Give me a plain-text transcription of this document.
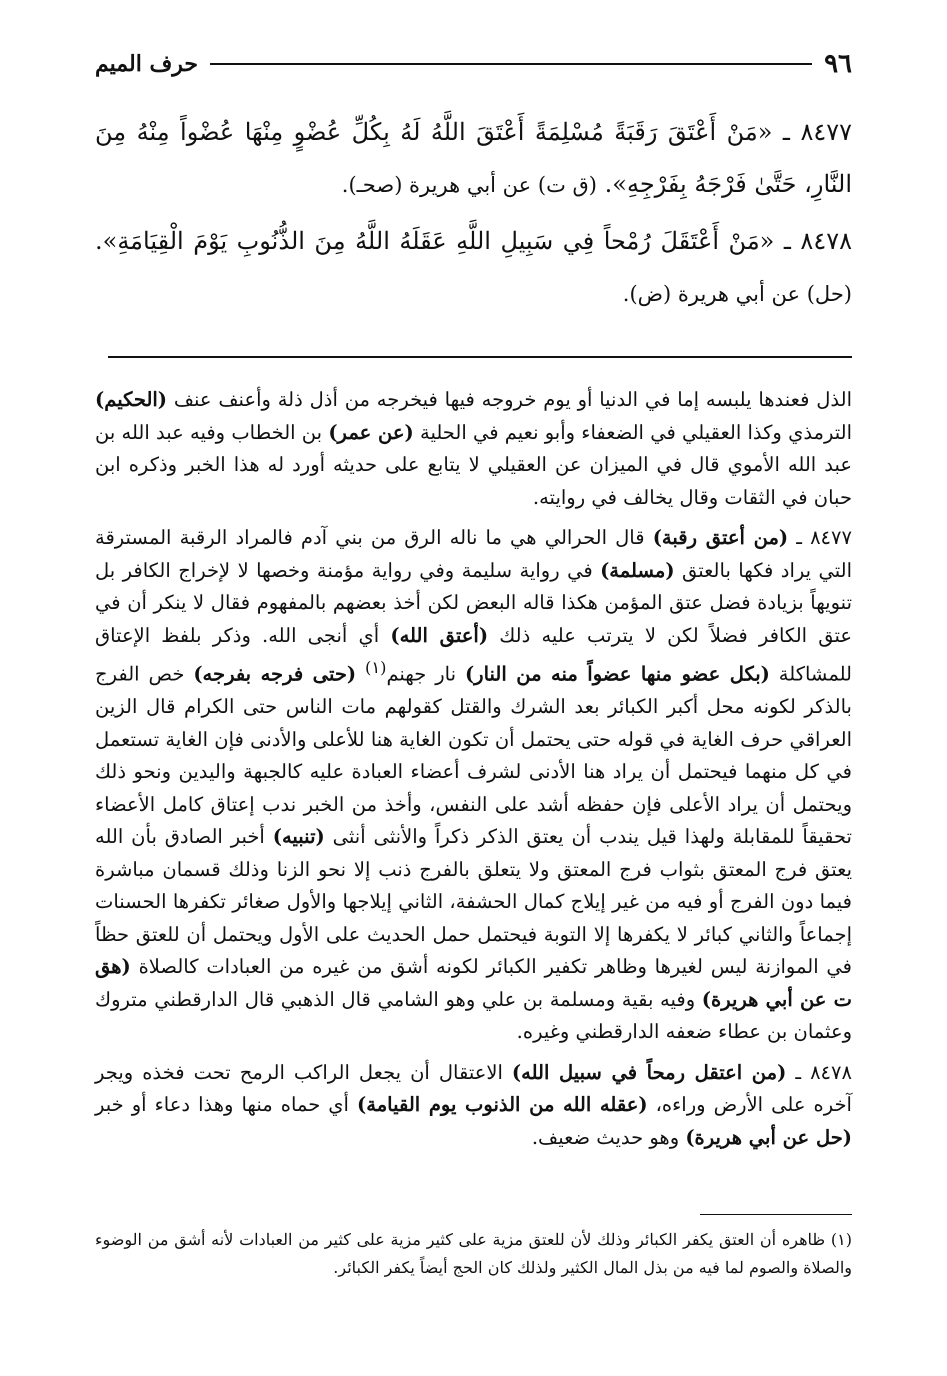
٩٦
حرف الميم

٨٤٧٧ ـ «مَنْ أَعْتَقَ رَقَبَةً مُسْلِمَةً أَعْتَقَ اللَّهُ لَهُ بِكُلِّ عُضْوٍ مِنْهَا عُضْواً مِنْهُ مِنَ النَّارِ، حَتَّىٰ فَرْجَهُ بِفَرْجِهِ». (ق ت) عن أبي هريرة (صحـ).

٨٤٧٨ ـ «مَنْ أَعْتَقَلَ رُمْحاً فِي سَبِيلِ اللَّهِ عَقَلَهُ اللَّهُ مِنَ الذُّنُوبِ يَوْمَ الْقِيَامَةِ». (حل) عن أبي هريرة (ض).

الذل فعندها يلبسه إما في الدنيا أو يوم خروجه فيها فيخرجه من أذل ذلة وأعنف عنف (الحكيم) الترمذي وكذا العقيلي في الضعفاء وأبو نعيم في الحلية (عن عمر) بن الخطاب وفيه عبد الله بن عبد الله الأموي قال في الميزان عن العقيلي لا يتابع على حديثه أورد له هذا الخبر وذكره ابن حبان في الثقات وقال يخالف في روايته.

٨٤٧٧ ـ (من أعتق رقبة) قال الحرالي هي ما ناله الرق من بني آدم فالمراد الرقبة المسترقة التي يراد فكها بالعتق (مسلمة) في رواية سليمة وفي رواية مؤمنة وخصها لا لإخراج الكافر بل تنويهاً بزيادة فضل عتق المؤمن هكذا قاله البعض لكن أخذ بعضهم بالمفهوم فقال لا ينكر أن في عتق الكافر فضلاً لكن لا يترتب عليه ذلك (أعتق الله) أي أنجى الله. وذكر بلفظ الإعتاق للمشاكلة (بكل عضو منها عضواً منه من النار) نار جهنم$^{(١)}$ (حتى فرجه بفرجه) خص الفرج بالذكر لكونه محل أكبر الكبائر بعد الشرك والقتل كقولهم مات الناس حتى الكرام قال الزين العراقي حرف الغاية في قوله حتى يحتمل أن تكون الغاية هنا للأعلى والأدنى فإن الغاية تستعمل في كل منهما فيحتمل أن يراد هنا الأدنى لشرف أعضاء العبادة عليه كالجبهة واليدين ونحو ذلك ويحتمل أن يراد الأعلى فإن حفظه أشد على النفس، وأخذ من الخبر ندب إعتاق كامل الأعضاء تحقيقاً للمقابلة ولهذا قيل يندب أن يعتق الذكر ذكراً والأنثى أنثى (تنبيه) أخبر الصادق بأن الله يعتق فرج المعتق بثواب فرج المعتق ولا يتعلق بالفرج ذنب إلا نحو الزنا وذلك قسمان مباشرة فيما دون الفرج أو فيه من غير إيلاج كمال الحشفة، الثاني إيلاجها والأول صغائر تكفرها الحسنات إجماعاً والثاني كبائر لا يكفرها إلا التوبة فيحتمل حمل الحديث على الأول ويحتمل أن للعتق حظاً في الموازنة ليس لغيرها وظاهر تكفير الكبائر لكونه أشق من غيره من العبادات كالصلاة (هق ت عن أبي هريرة) وفيه بقية ومسلمة بن علي وهو الشامي قال الذهبي قال الدارقطني متروك وعثمان بن عطاء ضعفه الدارقطني وغيره.

٨٤٧٨ ـ (من اعتقل رمحاً في سبيل الله) الاعتقال أن يجعل الراكب الرمح تحت فخذه ويجر آخره على الأرض وراءه، (عقله الله من الذنوب يوم القيامة) أي حماه منها وهذا دعاء أو خبر (حل عن أبي هريرة) وهو حديث ضعيف.

(١) ظاهره أن العتق يكفر الكبائر وذلك لأن للعتق مزية على كثير مزية على كثير من العبادات لأنه أشق من الوضوء والصلاة والصوم لما فيه من بذل المال الكثير ولذلك كان الحج أيضاً يكفر الكبائر.
